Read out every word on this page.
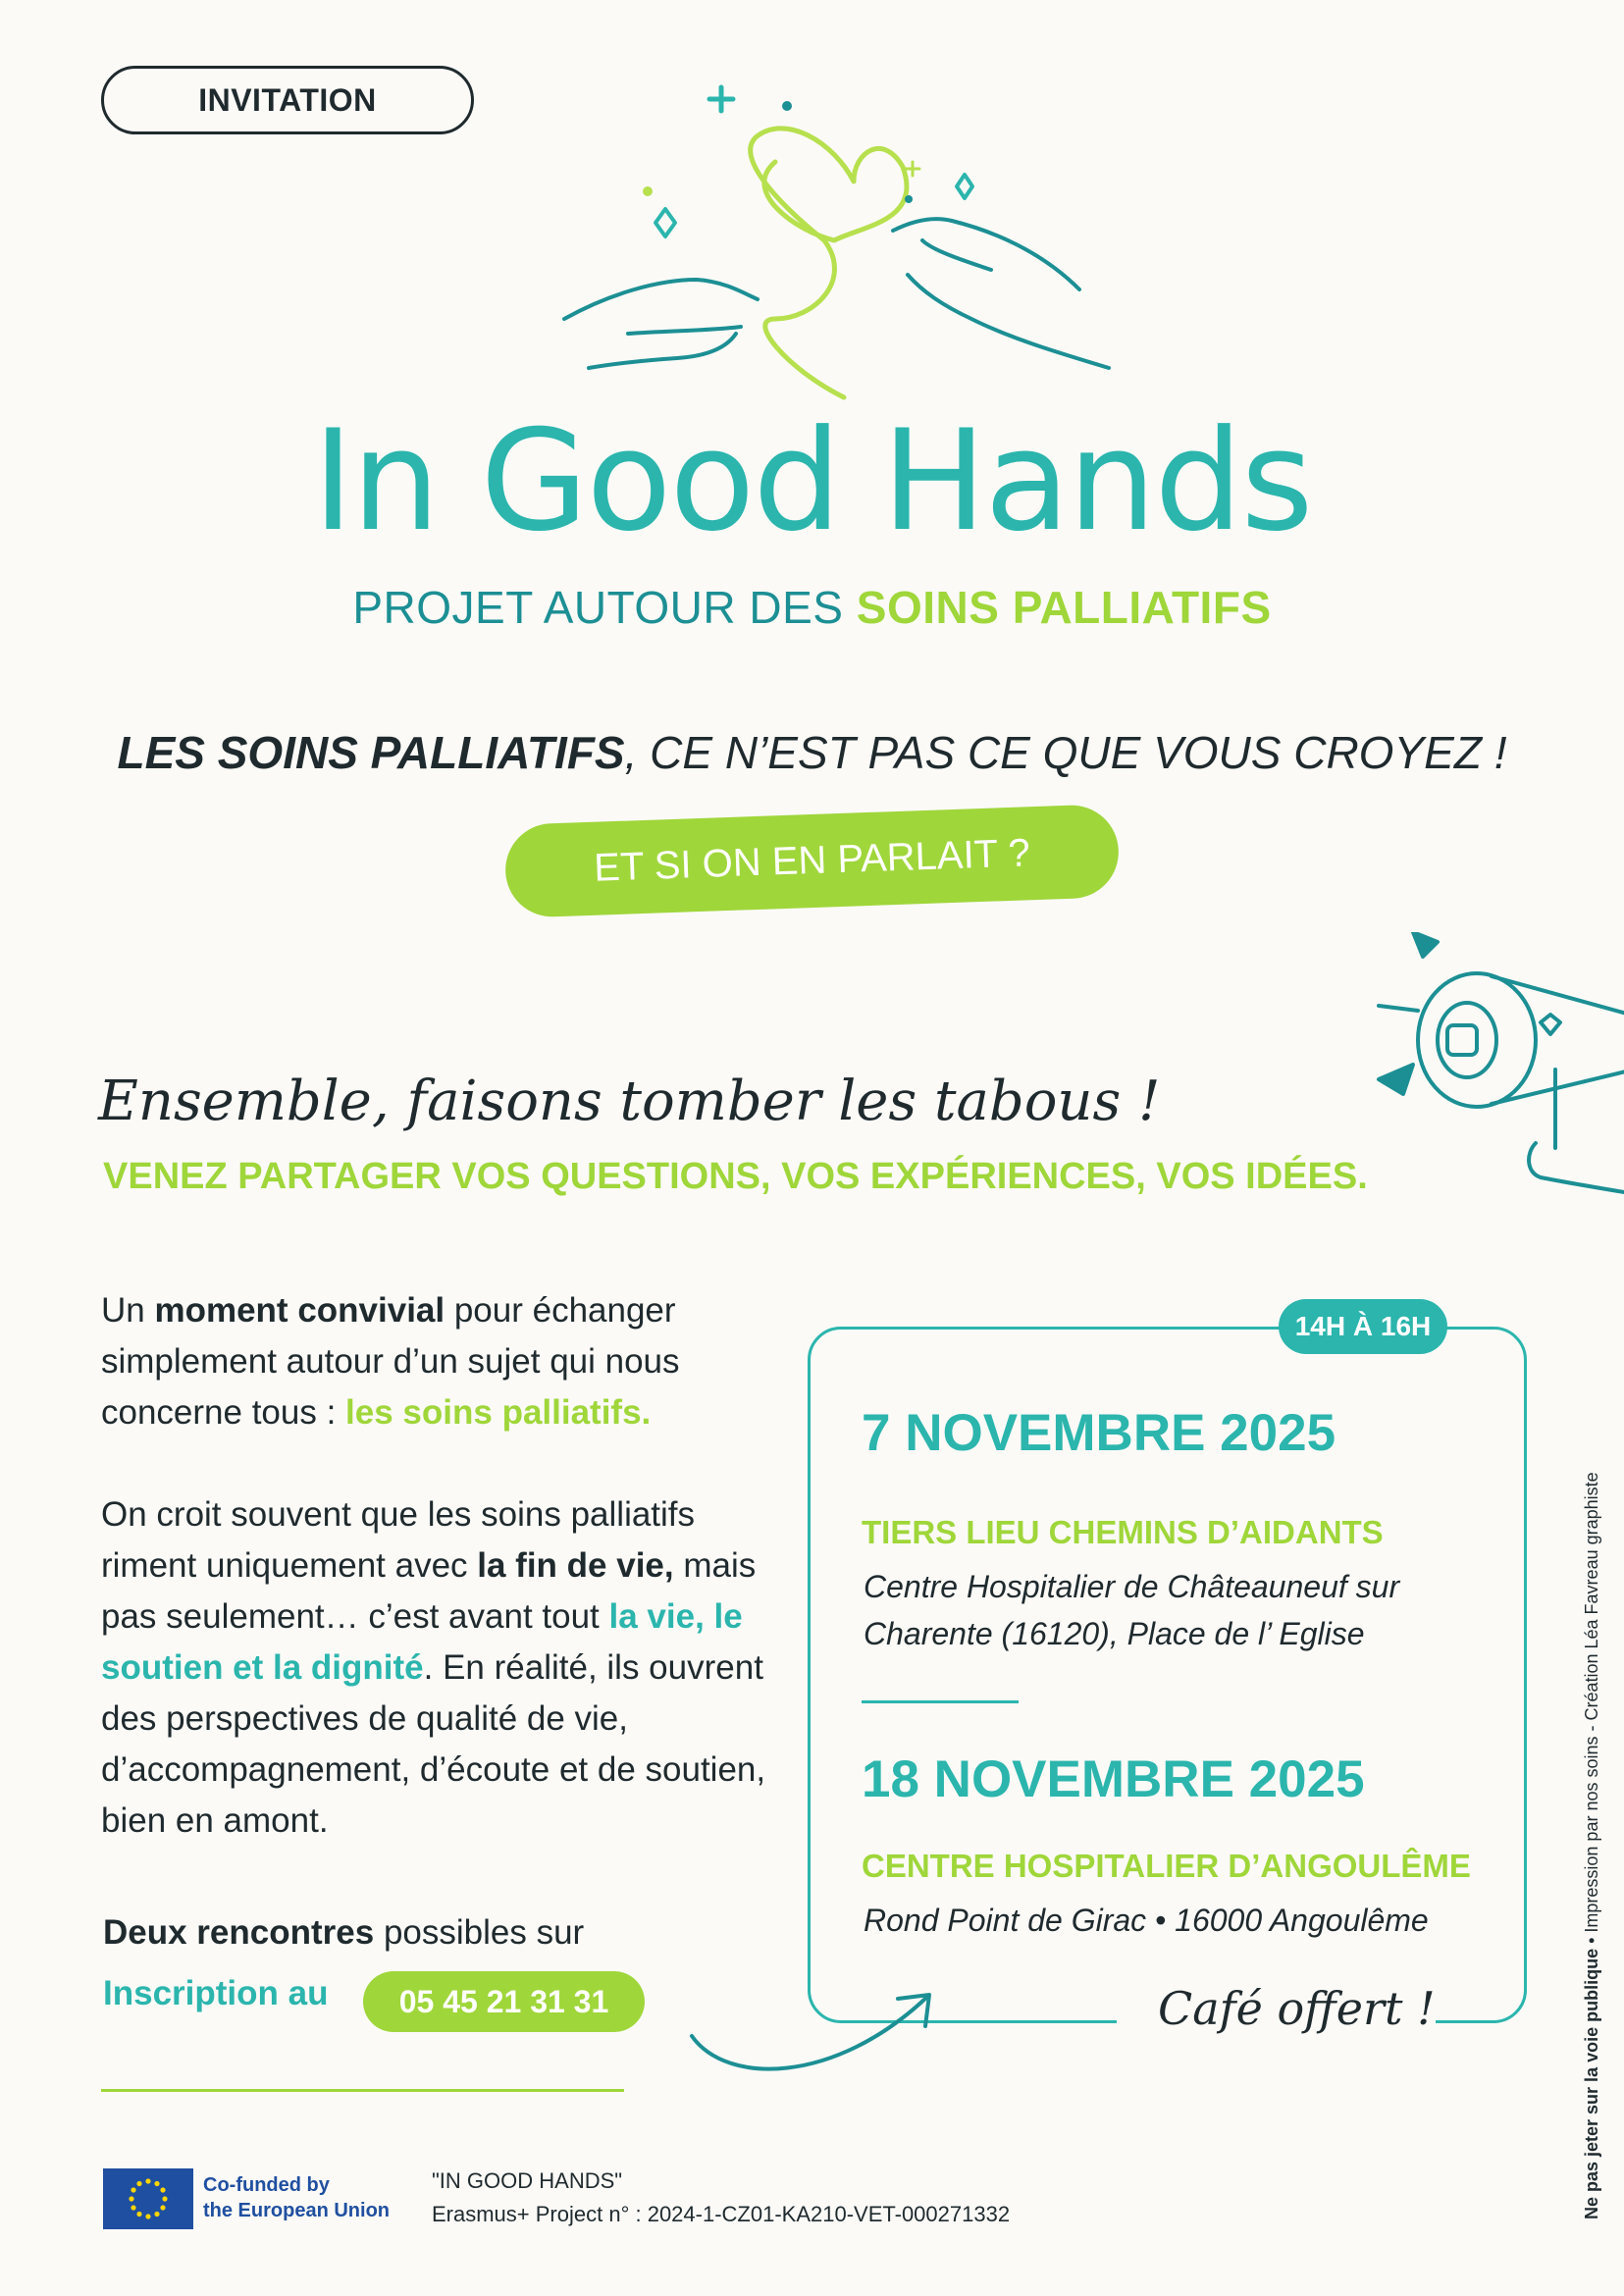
INVITATION
In Good Hands
PROJET AUTOUR DES SOINS PALLIATIFS
LES SOINS PALLIATIFS, CE N’EST PAS CE QUE VOUS CROYEZ !
ET SI ON EN PARLAIT ?
Ensemble, faisons tomber les tabous !
VENEZ PARTAGER VOS QUESTIONS, VOS EXPÉRIENCES, VOS IDÉES.
Un moment convivial pour échanger simplement autour d’un sujet qui nous concerne tous : les soins palliatifs.
On croit souvent que les soins palliatifs riment uniquement avec la fin de vie, mais pas seulement… c’est avant tout la vie, le soutien et la dignité. En réalité, ils ouvrent des perspectives de qualité de vie, d’accompagnement, d’écoute et de soutien, bien en amont.
Deux rencontres possibles sur
Inscription au 05 45 21 31 31
14H À 16H
7 NOVEMBRE 2025
TIERS LIEU CHEMINS D’AIDANTS
Centre Hospitalier de Châteauneuf sur
Charente (16120), Place de l’ Eglise
18 NOVEMBRE 2025
CENTRE HOSPITALIER D’ANGOULÊME
Rond Point de Girac • 16000 Angoulême
Café offert !
Co-funded by
the European Union
"IN GOOD HANDS"
Erasmus+ Project n° : 2024-1-CZ01-KA210-VET-000271332	Ne pas jeter sur la voie publique • Impression par nos soins - Création Léa Favreau graphiste
